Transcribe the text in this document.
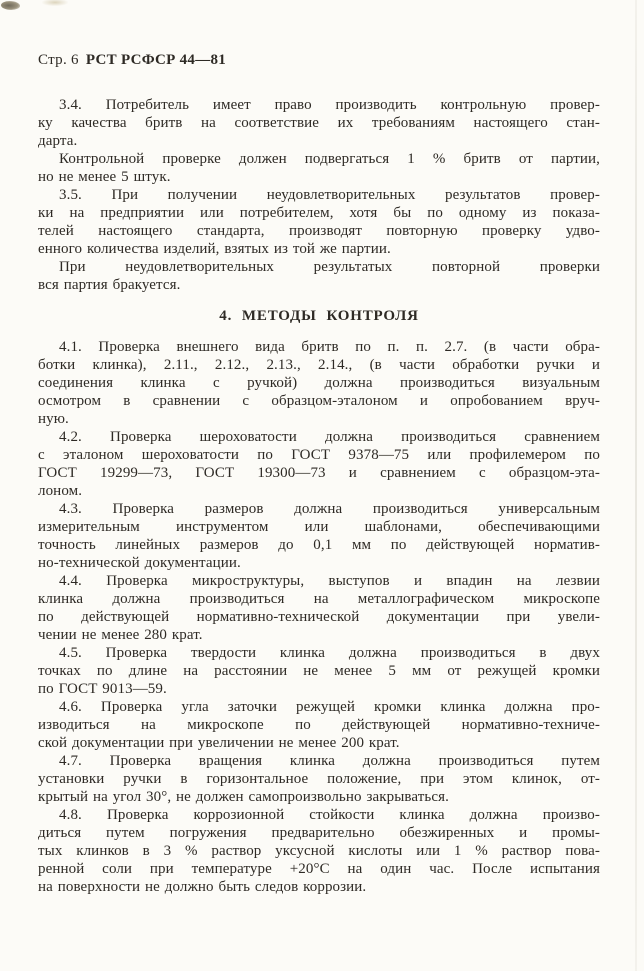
Стр. 6 РСТ РСФСР 44—81
3.4. Потребитель имеет право производить контрольную провер-
ку качества бритв на соответствие их требованиям настоящего стан-
дарта.
Контрольной проверке должен подвергаться 1 % бритв от партии,
но не менее 5 штук.
3.5. При получении неудовлетворительных результатов провер-
ки на предприятии или потребителем, хотя бы по одному из показа-
телей настоящего стандарта, производят повторную проверку удво-
енного количества изделий, взятых из той же партии.
При неудовлетворительных результатых повторной проверки
вся партия бракуется.
4. МЕТОДЫ КОНТРОЛЯ
4.1. Проверка внешнего вида бритв по п. п. 2.7. (в части обра-
ботки клинка), 2.11., 2.12., 2.13., 2.14., (в части обработки ручки и
соединения клинка с ручкой) должна производиться визуальным
осмотром в сравнении с образцом-эталоном и опробованием вруч-
ную.
4.2. Проверка шероховатости должна производиться сравнением
с эталоном шероховатости по ГОСТ 9378—75 или профилемером по
ГОСТ 19299—73, ГОСТ 19300—73 и сравнением с образцом-эта-
лоном.
4.3. Проверка размеров должна производиться универсальным
измерительным инструментом или шаблонами, обеспечивающими
точность линейных размеров до 0,1 мм по действующей норматив-
но-технической документации.
4.4. Проверка микроструктуры, выступов и впадин на лезвии
клинка должна производиться на металлографическом микроскопе
по действующей нормативно-технической документации при увели-
чении не менее 280 крат.
4.5. Проверка твердости клинка должна производиться в двух
точках по длине на расстоянии не менее 5 мм от режущей кромки
по ГОСТ 9013—59.
4.6. Проверка угла заточки режущей кромки клинка должна про-
изводиться на микроскопе по действующей нормативно-техниче-
ской документации при увеличении не менее 200 крат.
4.7. Проверка вращения клинка должна производиться путем
установки ручки в горизонтальное положение, при этом клинок, от-
крытый на угол 30°, не должен самопроизвольно закрываться.
4.8. Проверка коррозионной стойкости клинка должна произво-
диться путем погружения предварительно обезжиренных и промы-
тых клинков в 3 % раствор уксусной кислоты или 1 % раствор пова-
ренной соли при температуре +20°С на один час. После испытания
на поверхности не должно быть следов коррозии.
